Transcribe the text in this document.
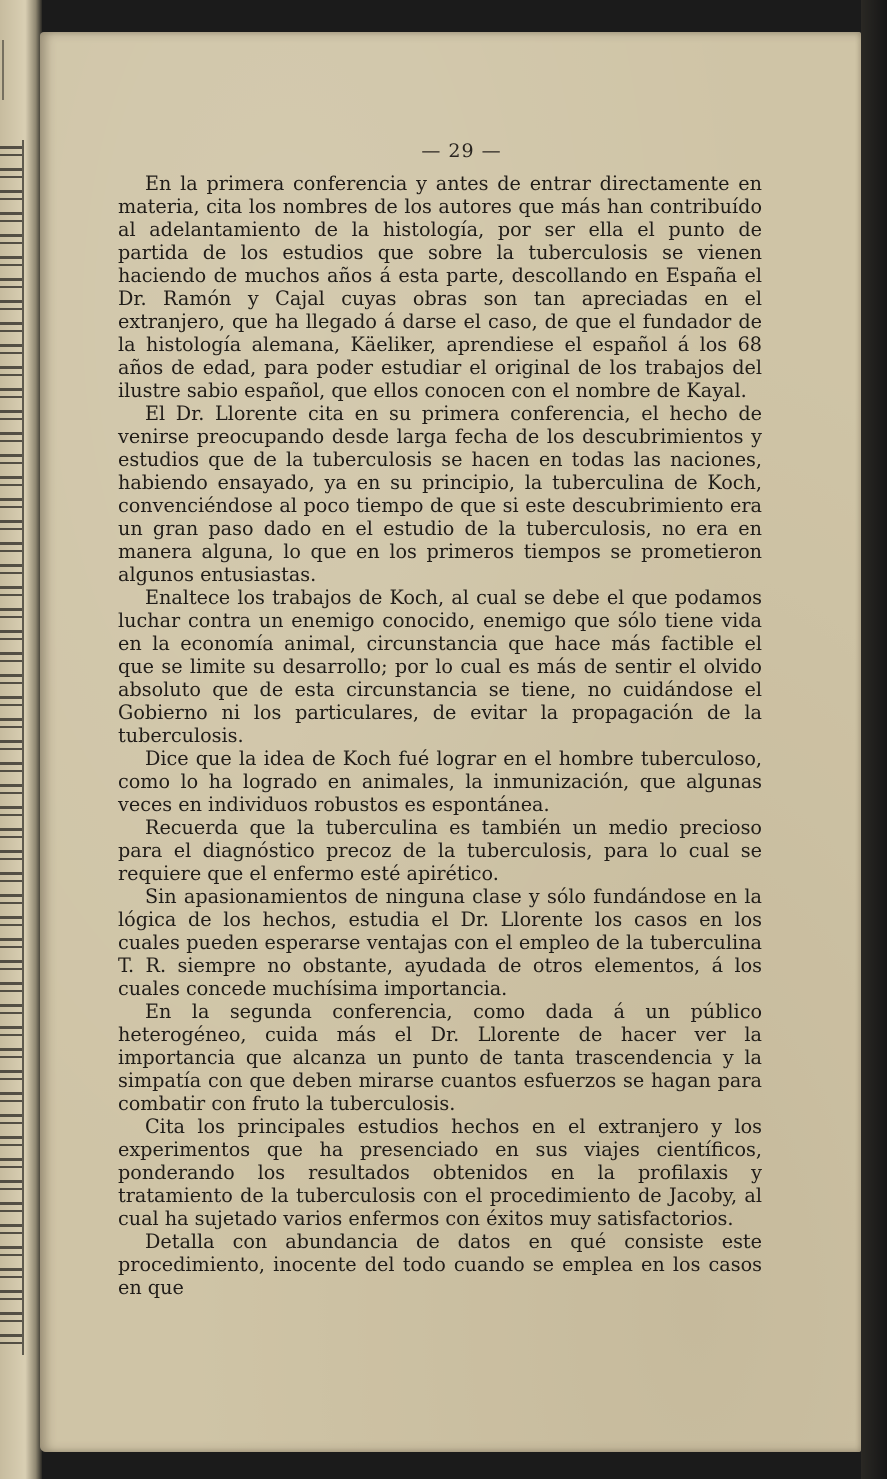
— 29 —

En la primera conferencia y antes de entrar directamente en materia, cita los nombres de los autores que más han contribuído al adelantamiento de la histología, por ser ella el punto de partida de los estudios que sobre la tuberculosis se vienen haciendo de muchos años á esta parte, descollando en España el Dr. Ramón y Cajal cuyas obras son tan apreciadas en el extranjero, que ha llegado á darse el caso, de que el fundador de la histología alemana, Käeliker, aprendiese el español á los 68 años de edad, para poder estudiar el original de los trabajos del ilustre sabio español, que ellos conocen con el nombre de Kayal.

El Dr. Llorente cita en su primera conferencia, el hecho de venirse preocupando desde larga fecha de los descubrimientos y estudios que de la tuberculosis se hacen en todas las naciones, habiendo ensayado, ya en su principio, la tuberculina de Koch, convenciéndose al poco tiempo de que si este descubrimiento era un gran paso dado en el estudio de la tuberculosis, no era en manera alguna, lo que en los primeros tiempos se prometieron algunos entusiastas.

Enaltece los trabajos de Koch, al cual se debe el que podamos luchar contra un enemigo conocido, enemigo que sólo tiene vida en la economía animal, circunstancia que hace más factible el que se limite su desarrollo; por lo cual es más de sentir el olvido absoluto que de esta circunstancia se tiene, no cuidándose el Gobierno ni los particulares, de evitar la propagación de la tuberculosis.

Dice que la idea de Koch fué lograr en el hombre tuberculoso, como lo ha logrado en animales, la inmunización, que algunas veces en individuos robustos es espontánea.

Recuerda que la tuberculina es también un medio precioso para el diagnóstico precoz de la tuberculosis, para lo cual se requiere que el enfermo esté apirético.

Sin apasionamientos de ninguna clase y sólo fundándose en la lógica de los hechos, estudia el Dr. Llorente los casos en los cuales pueden esperarse ventajas con el empleo de la tuberculina T. R. siempre no obstante, ayudada de otros elementos, á los cuales concede muchísima importancia.

En la segunda conferencia, como dada á un público heterogéneo, cuida más el Dr. Llorente de hacer ver la importancia que alcanza un punto de tanta trascendencia y la simpatía con que deben mirarse cuantos esfuerzos se hagan para combatir con fruto la tuberculosis.

Cita los principales estudios hechos en el extranjero y los experimentos que ha presenciado en sus viajes científicos, ponderando los resultados obtenidos en la profilaxis y tratamiento de la tuberculosis con el procedimiento de Jacoby, al cual ha sujetado varios enfermos con éxitos muy satisfactorios.

Detalla con abundancia de datos en qué consiste este procedimiento, inocente del todo cuando se emplea en los casos en que
